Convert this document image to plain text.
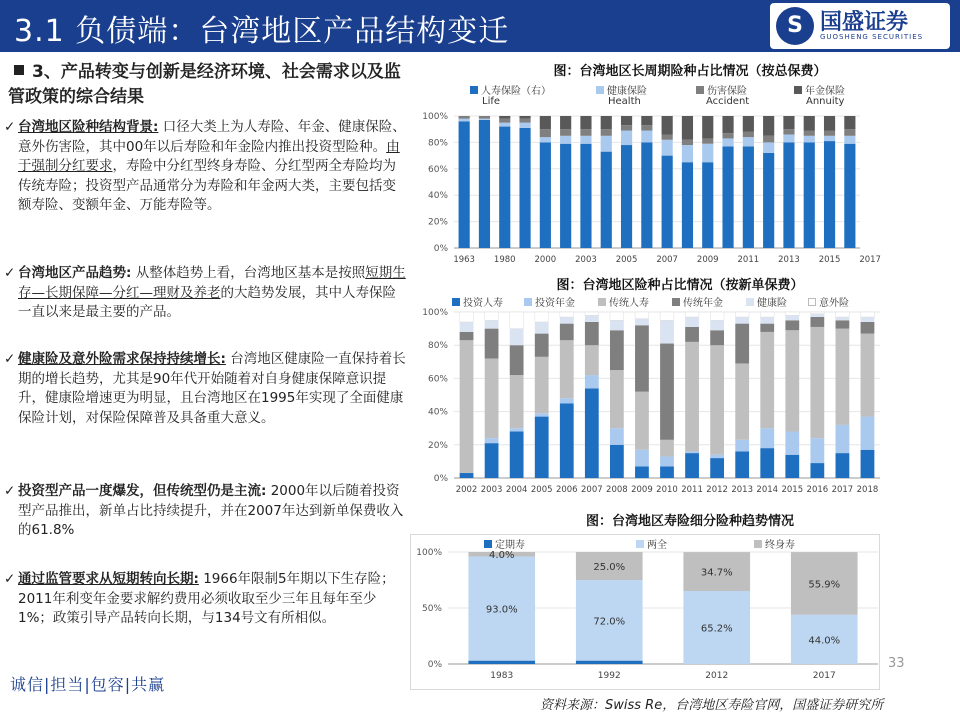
3.1 负债端：台湾地区产品结构变迁	S 国盛证券
GUOSHENG SECURITIES
3、产品转变与创新是经济环境、社会需求以及监管政策的综合结果
✓ 台湾地区险种结构背景: 口径大类上为人寿险、年金、健康保险、意外伤害险，其中00年以后寿险和年金险内推出投资型险种。由于强制分红要求，寿险中分红型终身寿险、分红型两全寿险均为传统寿险；投资型产品通常分为寿险和年金两大类，主要包括变额寿险、变额年金、万能寿险等。
✓ 台湾地区产品趋势: 从整体趋势上看，台湾地区基本是按照短期生存—长期保障—分红—理财及养老的大趋势发展，其中人寿保险一直以来是最主要的产品。
✓ 健康险及意外险需求保持持续增长: 台湾地区健康险一直保持着长期的增长趋势，尤其是90年代开始随着对自身健康保障意识提升，健康险增速更为明显，且台湾地区在1995年实现了全面健康保险计划，对保险保障普及具备重大意义。
✓ 投资型产品一度爆发，但传统型仍是主流: 2000年以后随着投资型产品推出，新单占比持续提升，并在2007年达到新单保费收入的61.8%
✓ 通过监管要求从短期转向长期: 1966年限制5年期以下生存险；2011年利变年金要求解约费用必须收取至少三年且每年至少1%；政策引导产品转向长期，与134号文有所相似。
诚信|担当|包容|共赢
图：台湾地区长周期险种占比情况（按总保费）
人寿保险（右）	健康保险	伤害保险	年金保险
Life	Health	Accident	Annuity
0%
20%
40%
60%
80%
100%
1963 1980 2000 2003 2005 2007 2009 2011 2013 2015 2017
图：台湾地区险种占比情况（按新单保费）
投资人寿	投资年金	传统人寿	传统年金	健康险	意外险
0%
20%
40%
60%
80%
100%
2002 2003 2004 2005 2006 2007 2008 2009 2010 2011 2012 2013 2014 2015 2016 2017 2018
图：台湾地区寿险细分险种趋势情况
定期寿	两全	终身寿
0%
50%
100%
93.0%
4.0%
72.0%
25.0%
65.2%
34.7%
44.0%
55.9%
1983	1992	2012	2017
33
资料来源：Swiss Re，台湾地区寿险官网，国盛证券研究所
